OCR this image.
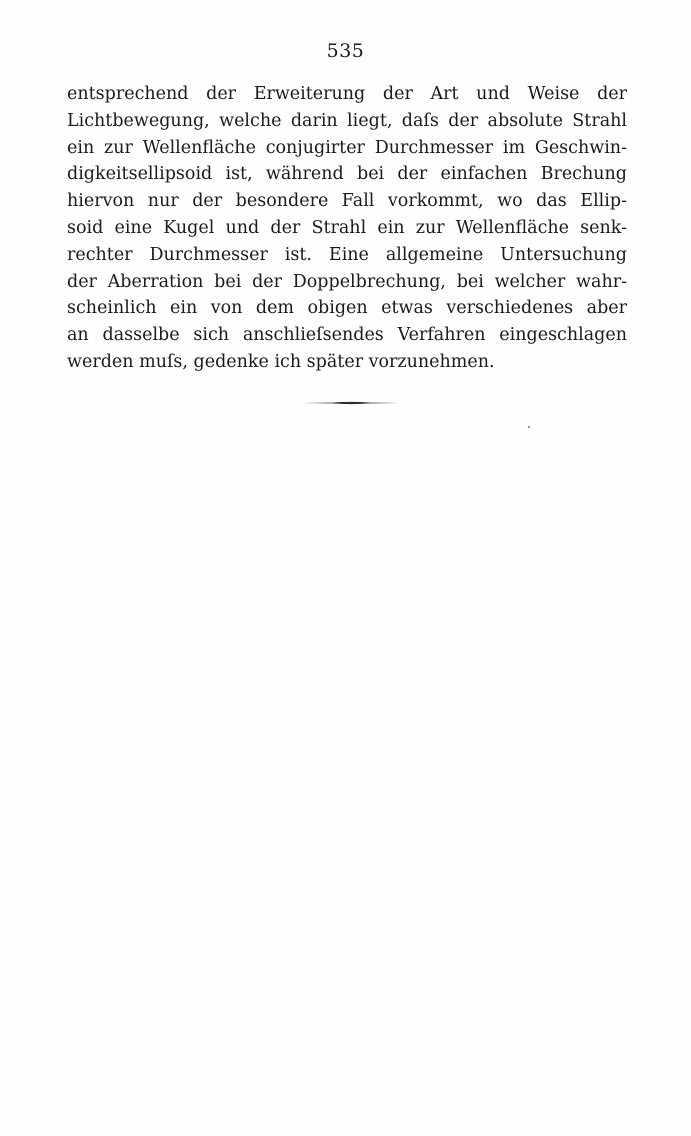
535
entsprechend der Erweiterung der Art und Weise der
Lichtbewegung, welche darin liegt, daſs der absolute Strahl
ein zur Wellenfläche conjugirter Durchmesser im Geschwin-
digkeitsellipsoid ist, während bei der einfachen Brechung
hiervon nur der besondere Fall vorkommt, wo das Ellip-
soid eine Kugel und der Strahl ein zur Wellenfläche senk-
rechter Durchmesser ist. Eine allgemeine Untersuchung
der Aberration bei der Doppelbrechung, bei welcher wahr-
scheinlich ein von dem obigen etwas verschiedenes aber
an dasselbe sich anschlieſsendes Verfahren eingeschlagen
werden muſs, gedenke ich später vorzunehmen.
